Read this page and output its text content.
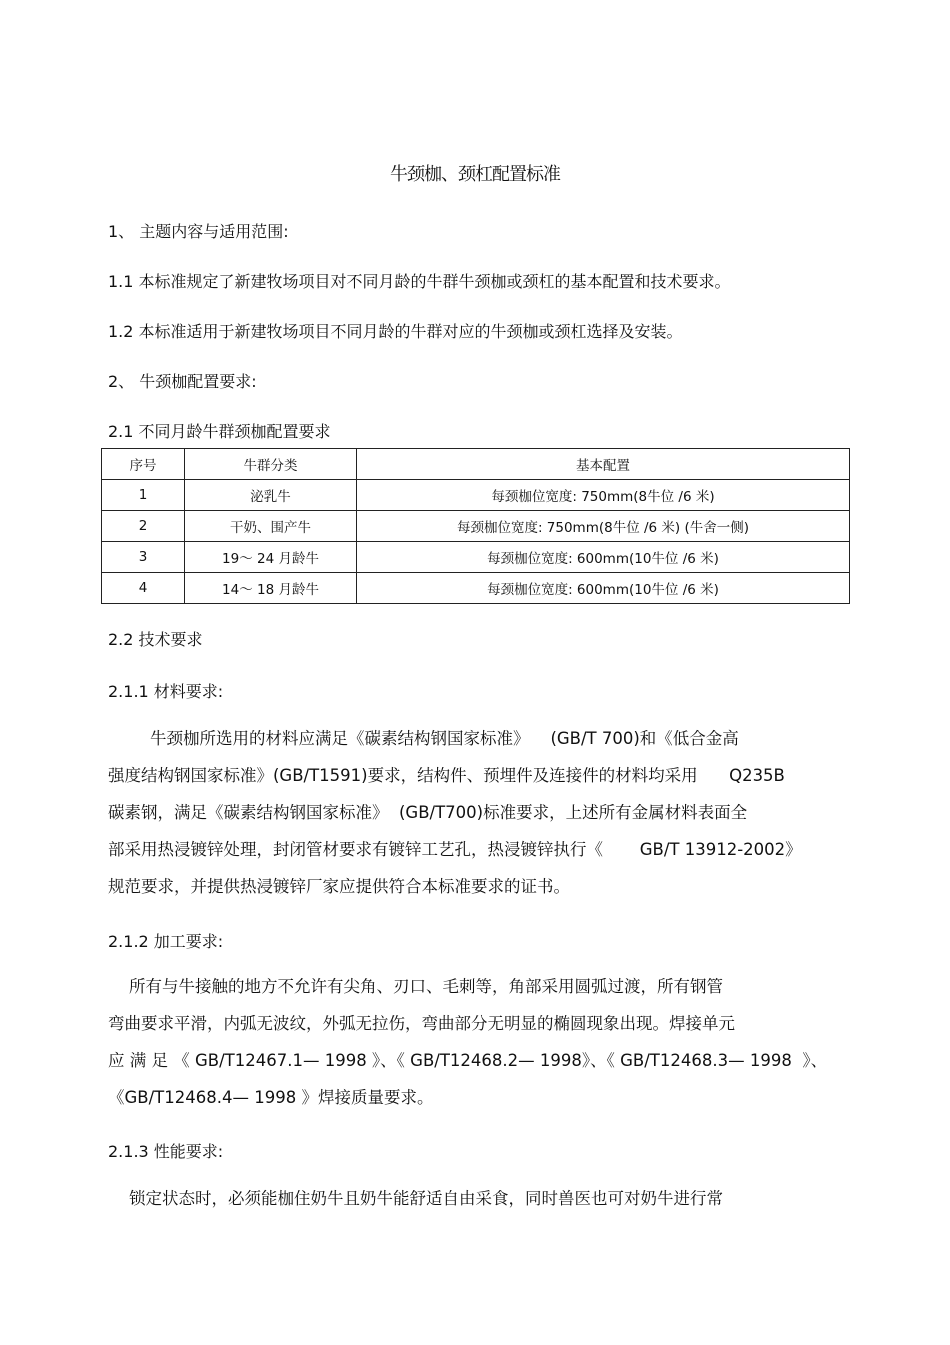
牛颈枷、颈杠配置标准
1、 主题内容与适用范围:
1.1 本标准规定了新建牧场项目对不同月龄的牛群牛颈枷或颈杠的基本配置和技术要求。
1.2 本标准适用于新建牧场项目不同月龄的牛群对应的牛颈枷或颈杠选择及安装。
2、 牛颈枷配置要求:
2.1 不同月龄牛群颈枷配置要求
序号	牛群分类	基本配置
1	泌乳牛	每颈枷位宽度: 750mm(8牛位 /6 米)
2	干奶、围产牛	每颈枷位宽度: 750mm(8牛位 /6 米) (牛舍一侧)
3	19～ 24 月龄牛	每颈枷位宽度: 600mm(10牛位 /6 米)
4	14～ 18 月龄牛	每颈枷位宽度: 600mm(10牛位 /6 米)
2.2 技术要求
2.1.1 材料要求:
牛颈枷所选用的材料应满足《碳素结构钢国家标准》    (GB/T 700)和《低合金高
强度结构钢国家标准》(GB/T1591)要求，结构件、预埋件及连接件的材料均采用      Q235B
碳素钢，满足《碳素结构钢国家标准》  (GB/T700)标准要求，上述所有金属材料表面全
部采用热浸镀锌处理，封闭管材要求有镀锌工艺孔，热浸镀锌执行《       GB/T 13912-2002》
规范要求，并提供热浸镀锌厂家应提供符合本标准要求的证书。
2.1.2 加工要求:
所有与牛接触的地方不允许有尖角、刃口、毛刺等，角部采用圆弧过渡，所有钢管
弯曲要求平滑，内弧无波纹，外弧无拉伤，弯曲部分无明显的椭圆现象出现。焊接单元
应 满 足 《 GB/T12467.1— 1998 》、《 GB/T12468.2— 1998》、《 GB/T12468.3— 1998  》、
《GB/T12468.4— 1998 》焊接质量要求。
2.1.3 性能要求:
锁定状态时，必须能枷住奶牛且奶牛能舒适自由采食，同时兽医也可对奶牛进行常
